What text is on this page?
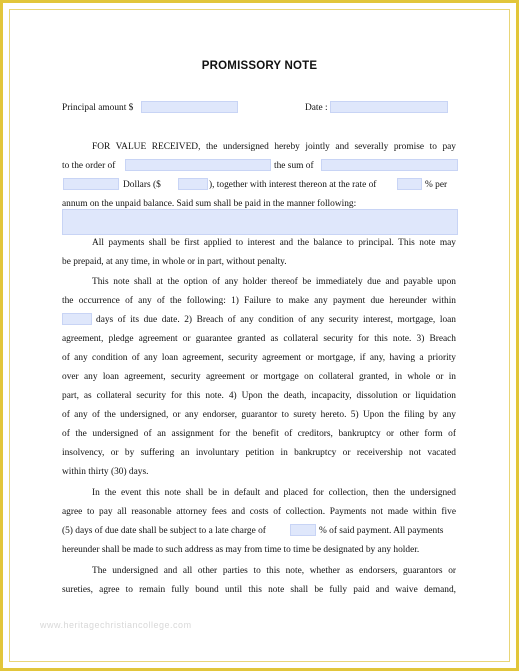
PROMISSORY NOTE
Principal amount $	Date :
FOR VALUE RECEIVED, the undersigned hereby jointly and severally promise to pay
to the order of	the sum of
Dollars ($	), together with interest thereon at the rate of	% per
annum on the unpaid balance. Said sum shall be paid in the manner following:
All payments shall be first applied to interest and the balance to principal. This note may
be prepaid, at any time, in whole or in part, without penalty.
This note shall at the option of any holder thereof be immediately due and payable upon
the occurrence of any of the following: 1) Failure to make any payment due hereunder within
days of its due date. 2) Breach of any condition of any security interest, mortgage, loan
agreement, pledge agreement or guarantee granted as collateral security for this note. 3) Breach
of any condition of any loan agreement, security agreement or mortgage, if any, having a priority
over any loan agreement, security agreement or mortgage on collateral granted, in whole or in
part, as collateral security for this note. 4) Upon the death, incapacity, dissolution or liquidation
of any of the undersigned, or any endorser, guarantor to surety hereto. 5) Upon the filing by any
of the undersigned of an assignment for the benefit of creditors, bankruptcy or other form of
insolvency, or by suffering an involuntary petition in bankruptcy or receivership not vacated
within thirty (30) days.
In the event this note shall be in default and placed for collection, then the undersigned
agree to pay all reasonable attorney fees and costs of collection. Payments not made within five
(5) days of due date shall be subject to a late charge of	% of said payment. All payments
hereunder shall be made to such address as may from time to time be designated by any holder.
The undersigned and all other parties to this note, whether as endorsers, guarantors or
sureties, agree to remain fully bound until this note shall be fully paid and waive demand,
www.heritagechristiancollege.com
